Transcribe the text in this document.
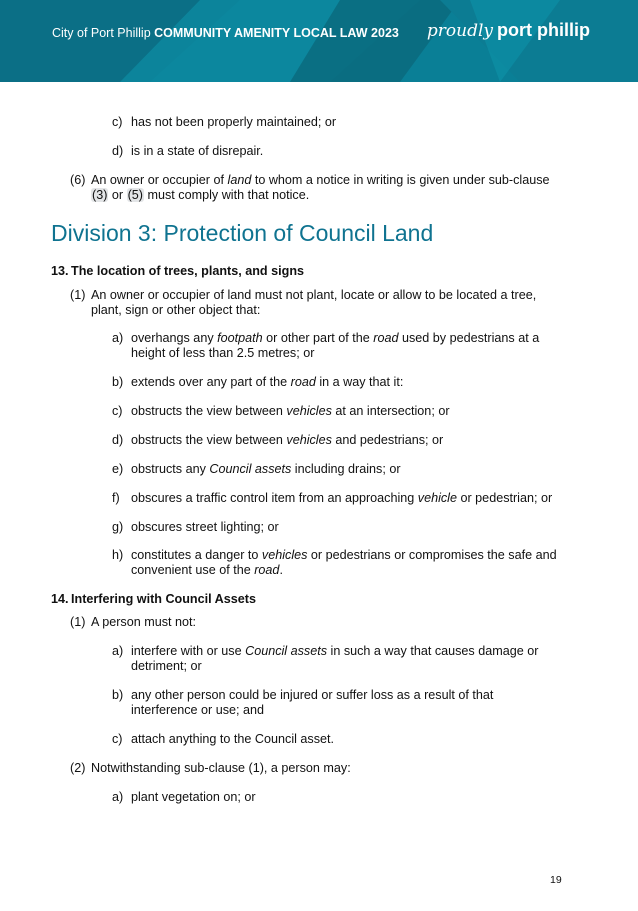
City of Port Phillip COMMUNITY AMENITY LOCAL LAW 2023 proudly port phillip
c) has not been properly maintained; or
d) is in a state of disrepair.
(6) An owner or occupier of land to whom a notice in writing is given under sub-clause
(3) or (5) must comply with that notice.
Division 3: Protection of Council Land
13. The location of trees, plants, and signs
(1) An owner or occupier of land must not plant, locate or allow to be located a tree,
plant, sign or other object that:
a) overhangs any footpath or other part of the road used by pedestrians at a
height of less than 2.5 metres; or
b) extends over any part of the road in a way that it:
c) obstructs the view between vehicles at an intersection; or
d) obstructs the view between vehicles and pedestrians; or
e) obstructs any Council assets including drains; or
f) obscures a traffic control item from an approaching vehicle or pedestrian; or
g) obscures street lighting; or
h) constitutes a danger to vehicles or pedestrians or compromises the safe and
convenient use of the road.
14. Interfering with Council Assets
(1) A person must not:
a) interfere with or use Council assets in such a way that causes damage or
detriment; or
b) any other person could be injured or suffer loss as a result of that
interference or use; and
c) attach anything to the Council asset.
(2) Notwithstanding sub-clause (1), a person may:
a) plant vegetation on; or
19
